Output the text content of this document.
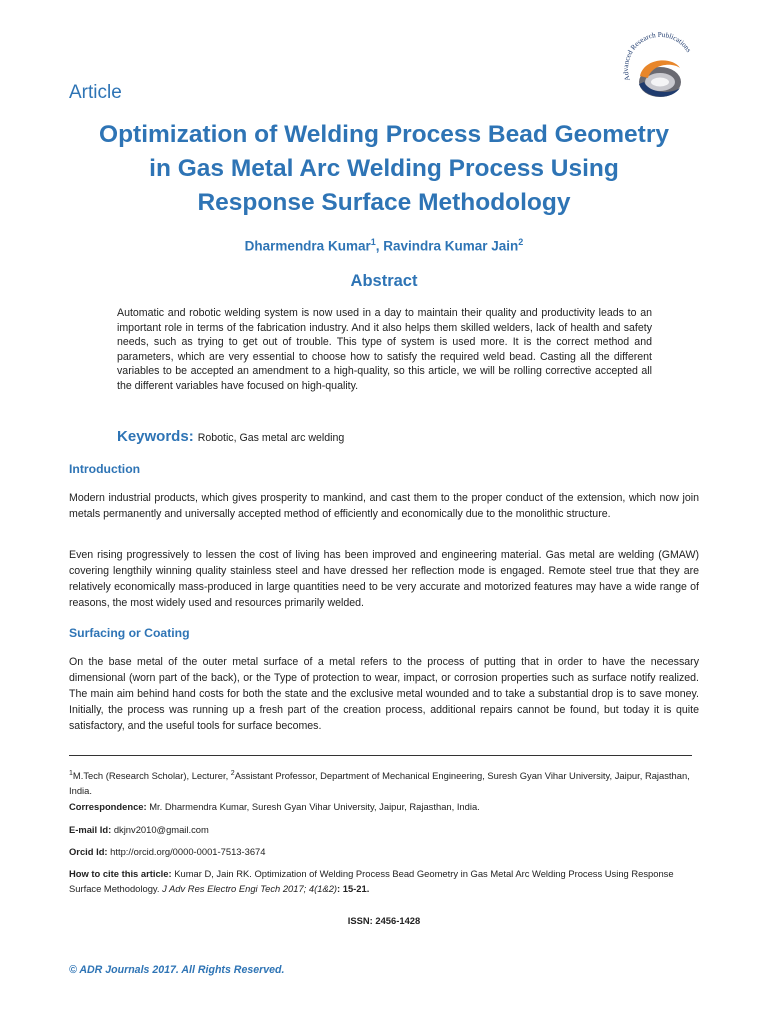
Advanced Research Publications
Article
Optimization of Welding Process Bead Geometry
in Gas Metal Arc Welding Process Using
Response Surface Methodology
Dharmendra Kumar$^1$, Ravindra Kumar Jain$^2$
Abstract
Automatic and robotic welding system is now used in a day to maintain their quality and productivity leads to an important role in terms of the fabrication industry. And it also helps them skilled welders, lack of health and safety needs, such as trying to get out of trouble. This type of system is used more. It is the correct method and parameters, which are very essential to choose how to satisfy the required weld bead. Casting all the different variables to be accepted an amendment to a high-quality, so this article, we will be rolling corrective accepted all the different variables have focused on high-quality.
Keywords: Robotic, Gas metal arc welding
Introduction
Modern industrial products, which gives prosperity to mankind, and cast them to the proper conduct of the extension, which now join metals permanently and universally accepted method of efficiently and economically due to the monolithic structure.
Even rising progressively to lessen the cost of living has been improved and engineering material. Gas metal are welding (GMAW) covering lengthily winning quality stainless steel and have dressed her reflection mode is engaged. Remote steel true that they are relatively economically mass-produced in large quantities need to be very accurate and motorized features may have a wide range of reasons, the most widely used and resources primarily welded.
Surfacing or Coating
On the base metal of the outer metal surface of a metal refers to the process of putting that in order to have the necessary dimensional (worn part of the back), or the Type of protection to wear, impact, or corrosion properties such as surface notify realized. The main aim behind hand costs for both the state and the exclusive metal wounded and to take a substantial drop is to save money. Initially, the process was running up a fresh part of the creation process, additional repairs cannot be found, but today it is quite satisfactory, and the useful tools for surface becomes.
$^1$M.Tech (Research Scholar), Lecturer, $^2$Assistant Professor, Department of Mechanical Engineering, Suresh Gyan Vihar University, Jaipur, Rajasthan, India.
Correspondence: Mr. Dharmendra Kumar, Suresh Gyan Vihar University, Jaipur, Rajasthan, India.
E-mail Id: dkjnv2010@gmail.com
Orcid Id: http://orcid.org/0000-0001-7513-3674
How to cite this article: Kumar D, Jain RK. Optimization of Welding Process Bead Geometry in Gas Metal Arc Welding Process Using Response Surface Methodology. J Adv Res Electro Engi Tech 2017; 4(1&2): 15-21.
ISSN: 2456-1428
© ADR Journals 2017. All Rights Reserved.
